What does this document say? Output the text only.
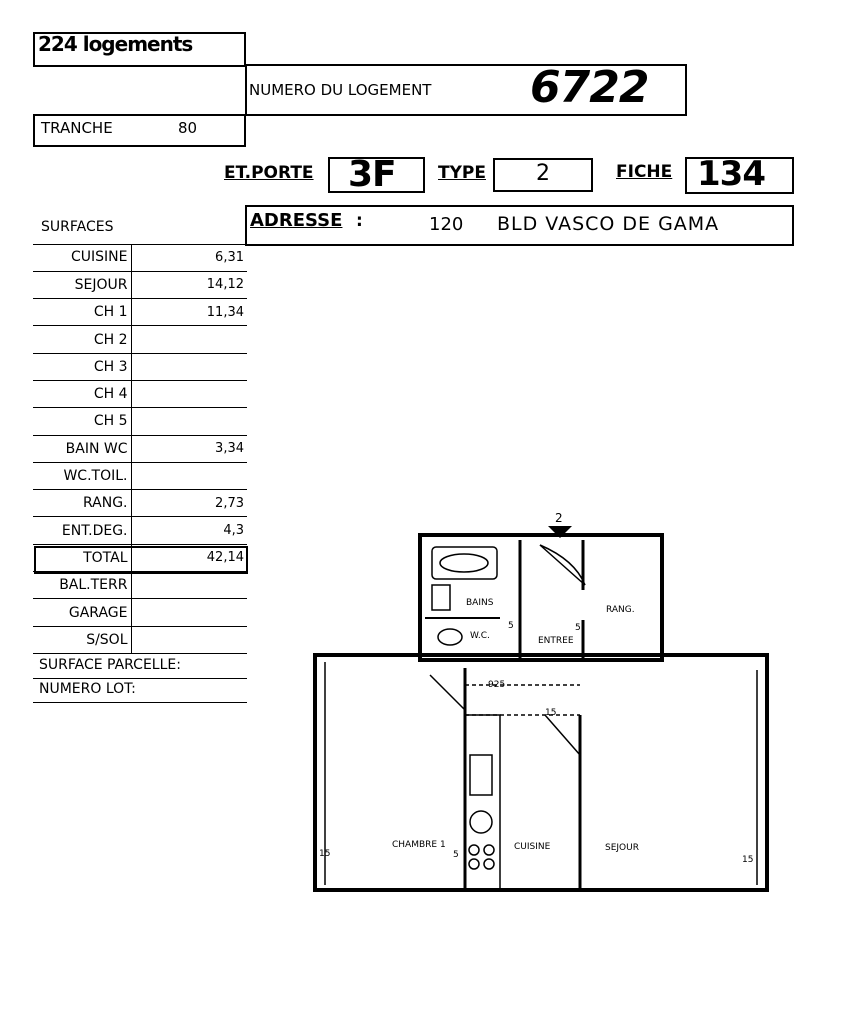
224 logements
NUMERO DU LOGEMENT 6722
TRANCHE	80
ET.PORTE 3F TYPE 2	FICHE 134
ADRESSE :	120 BLD VASCO DE GAMA
SURFACES
CUISINE	6,31
SEJOUR	14,12
CH 1	11,34
CH 2	
CH 3	
CH 4	
CH 5	
BAIN WC	3,34
WC.TOIL.	
RANG.	2,73
ENT.DEG.	4,3
TOTAL	42,14
BAL.TERR	
GARAGE	
S/SOL	
SURFACE PARCELLE:
NUMERO LOT:
2
BAINS
W.C.	ENTREE
RANG.
CHAMBRE 1	CUISINE	SEJOUR
925
15
15
15
5	5
5
